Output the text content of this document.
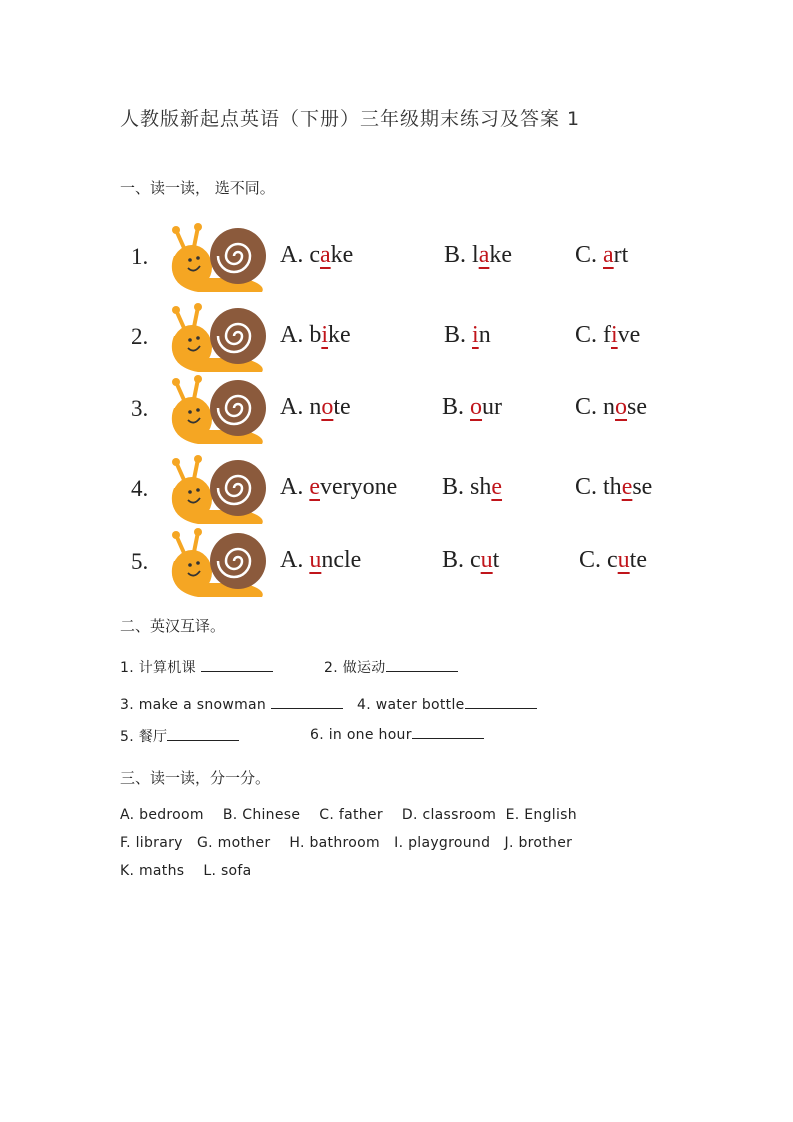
人教版新起点英语（下册）三年级期末练习及答案 1
一、读一读， 选不同。
1.	A. cake	B. lake	C. art
2.	A. bike	B. in	C. five
3.	A. note	B. our	C. nose
4.	A. everyone B. she	C. these
5.	A. uncle	B. cut	C. cute
二、英汉互译。
1. 计算机课	2. 做运动
3. make a snowman	4. water bottle
5. 餐厅	6. in one hour
三、读一读，分一分。
A. bedroom    B. Chinese    C. father    D. classroom  E. English
F. library   G. mother    H. bathroom   I. playground   J. brother
K. maths    L. sofa
